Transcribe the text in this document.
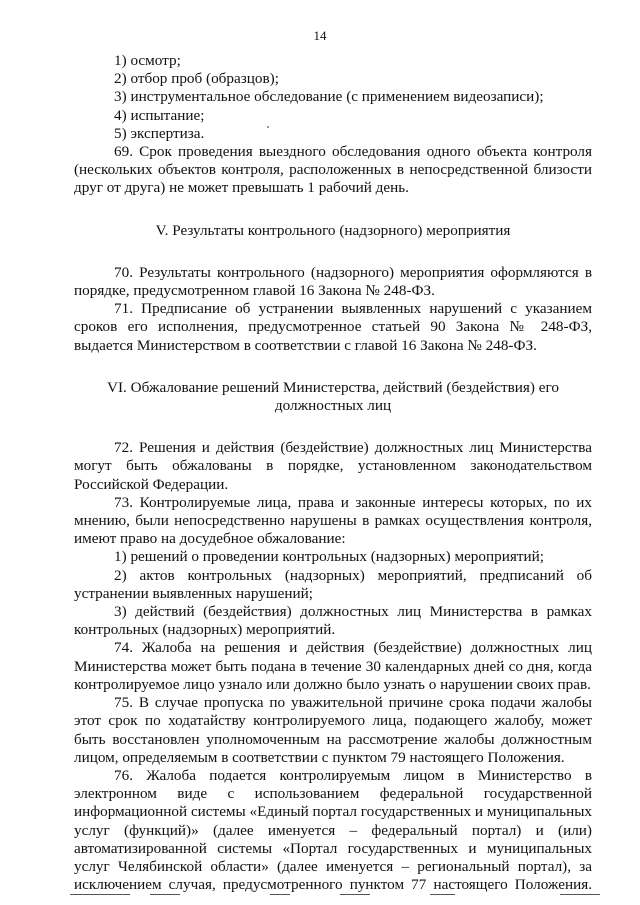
14

1) осмотр;

2) отбор проб (образцов);

3) инструментальное обследование (с применением видеозаписи);

4) испытание;

5) экспертиза.

69. Срок проведения выездного обследования одного объекта контроля (нескольких объектов контроля, расположенных в непосредственной близости друг от друга) не может превышать 1 рабочий день.

V. Результаты контрольного (надзорного) мероприятия

70. Результаты контрольного (надзорного) мероприятия оформляются в порядке, предусмотренном главой 16 Закона № 248-ФЗ.

71. Предписание об устранении выявленных нарушений с указанием сроков его исполнения, предусмотренное статьей 90 Закона № 248-ФЗ, выдается Министерством в соответствии с главой 16 Закона № 248-ФЗ.

VI. Обжалование решений Министерства, действий (бездействия) его должностных лиц

72. Решения и действия (бездействие) должностных лиц Министерства могут быть обжалованы в порядке, установленном законодательством Российской Федерации.

73. Контролируемые лица, права и законные интересы которых, по их мнению, были непосредственно нарушены в рамках осуществления контроля, имеют право на досудебное обжалование:

1) решений о проведении контрольных (надзорных) мероприятий;

2) актов контрольных (надзорных) мероприятий, предписаний об устранении выявленных нарушений;

3) действий (бездействия) должностных лиц Министерства в рамках контрольных (надзорных) мероприятий.

74. Жалоба на решения и действия (бездействие) должностных лиц Министерства может быть подана в течение 30 календарных дней со дня, когда контролируемое лицо узнало или должно было узнать о нарушении своих прав.

75. В случае пропуска по уважительной причине срока подачи жалобы этот срок по ходатайству контролируемого лица, подающего жалобу, может быть восстановлен уполномоченным на рассмотрение жалобы должностным лицом, определяемым в соответствии с пунктом 79 настоящего Положения.

76. Жалоба подается контролируемым лицом в Министерство в электронном виде с использованием федеральной государственной информационной системы «Единый портал государственных и муниципальных услуг (функций)» (далее именуется – федеральный портал) и (или) автоматизированной системы «Портал государственных и муниципальных услуг Челябинской области» (далее именуется – региональный портал), за исключением случая, предусмотренного пунктом 77 настоящего Положения.
